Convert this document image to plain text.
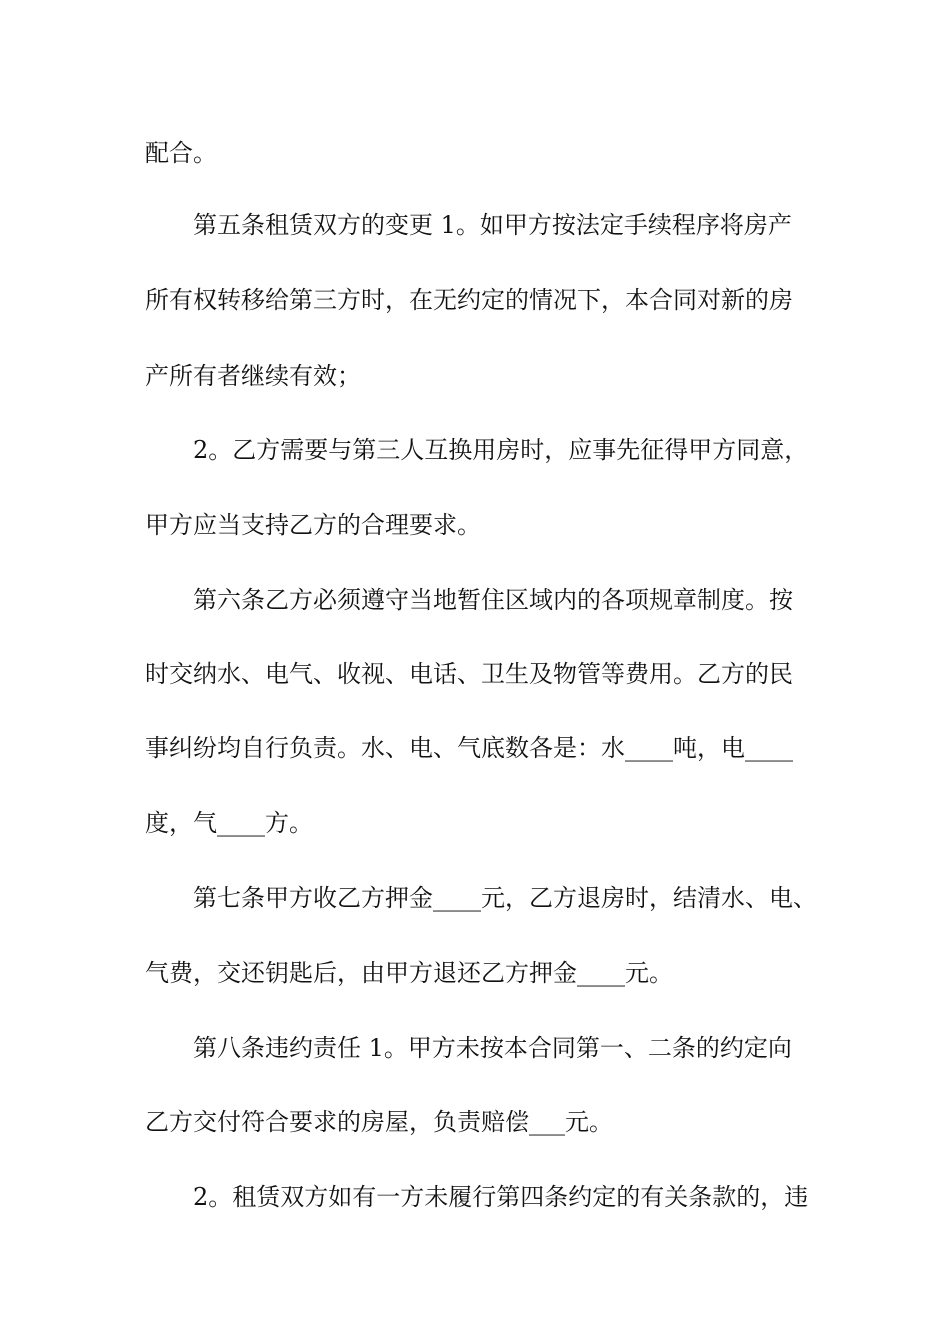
配合。
第五条租赁双方的变更 1。如甲方按法定手续程序将房产
所有权转移给第三方时，在无约定的情况下，本合同对新的房
产所有者继续有效；
2。乙方需要与第三人互换用房时，应事先征得甲方同意，
甲方应当支持乙方的合理要求。
第六条乙方必须遵守当地暂住区域内的各项规章制度。按
时交纳水、电气、收视、电话、卫生及物管等费用。乙方的民
事纠纷均自行负责。水、电、气底数各是：水____吨，电____
度，气____方。
第七条甲方收乙方押金____元，乙方退房时，结清水、电、
气费，交还钥匙后，由甲方退还乙方押金____元。
第八条违约责任 1。甲方未按本合同第一、二条的约定向
乙方交付符合要求的房屋，负责赔偿___元。
2。租赁双方如有一方未履行第四条约定的有关条款的，违
